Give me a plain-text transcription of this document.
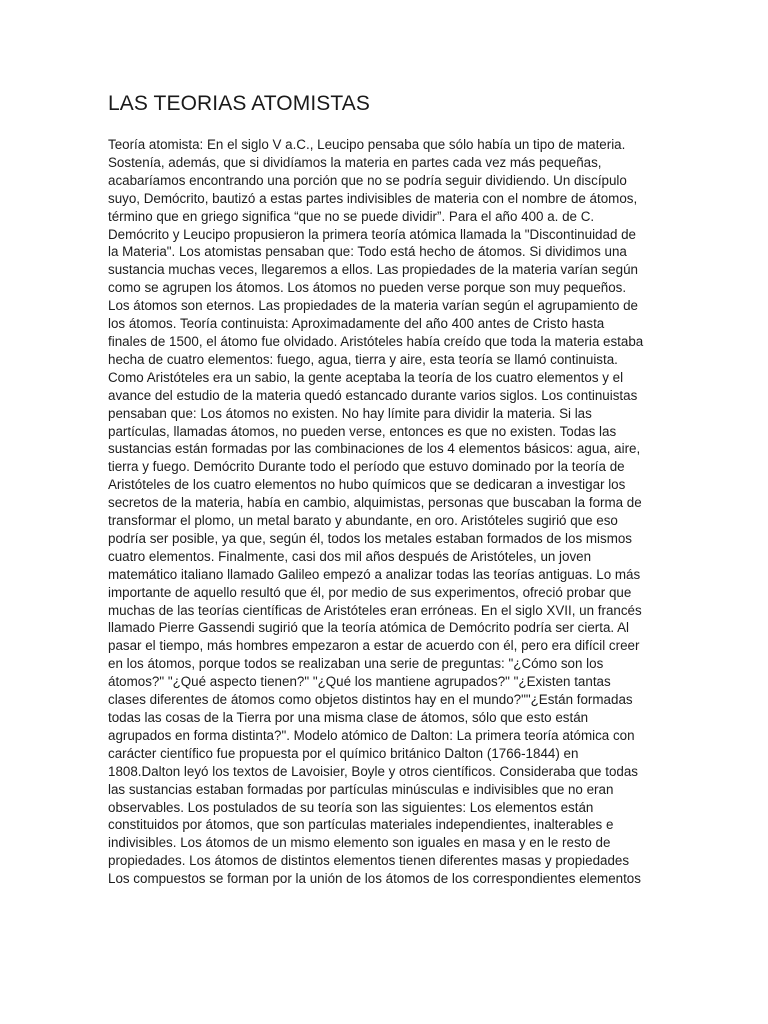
LAS TEORIAS ATOMISTAS
Teoría atomista: En el siglo V a.C., Leucipo pensaba que sólo había un tipo de materia.
Sostenía, además, que si dividíamos la materia en partes cada vez más pequeñas,
acabaríamos encontrando una porción que no se podría seguir dividiendo. Un discípulo
suyo, Demócrito, bautizó a estas partes indivisibles de materia con el nombre de átomos,
término que en griego significa “que no se puede dividir”. Para el año 400 a. de C.
Demócrito y Leucipo propusieron la primera teoría atómica llamada la "Discontinuidad de
la Materia". Los atomistas pensaban que: Todo está hecho de átomos. Si dividimos una
sustancia muchas veces, llegaremos a ellos. Las propiedades de la materia varían según
como se agrupen los átomos. Los átomos no pueden verse porque son muy pequeños.
Los átomos son eternos. Las propiedades de la materia varían según el agrupamiento de
los átomos. Teoría continuista: Aproximadamente del año 400 antes de Cristo hasta
finales de 1500, el átomo fue olvidado. Aristóteles había creído que toda la materia estaba
hecha de cuatro elementos: fuego, agua, tierra y aire, esta teoría se llamó continuista.
Como Aristóteles era un sabio, la gente aceptaba la teoría de los cuatro elementos y el
avance del estudio de la materia quedó estancado durante varios siglos. Los continuistas
pensaban que: Los átomos no existen. No hay límite para dividir la materia. Si las
partículas, llamadas átomos, no pueden verse, entonces es que no existen. Todas las
sustancias están formadas por las combinaciones de los 4 elementos básicos: agua, aire,
tierra y fuego. Demócrito Durante todo el período que estuvo dominado por la teoría de
Aristóteles de los cuatro elementos no hubo químicos que se dedicaran a investigar los
secretos de la materia, había en cambio, alquimistas, personas que buscaban la forma de
transformar el plomo, un metal barato y abundante, en oro. Aristóteles sugirió que eso
podría ser posible, ya que, según él, todos los metales estaban formados de los mismos
cuatro elementos. Finalmente, casi dos mil años después de Aristóteles, un joven
matemático italiano llamado Galileo empezó a analizar todas las teorías antiguas. Lo más
importante de aquello resultó que él, por medio de sus experimentos, ofreció probar que
muchas de las teorías científicas de Aristóteles eran erróneas. En el siglo XVII, un francés
llamado Pierre Gassendi sugirió que la teoría atómica de Demócrito podría ser cierta. Al
pasar el tiempo, más hombres empezaron a estar de acuerdo con él, pero era difícil creer
en los átomos, porque todos se realizaban una serie de preguntas: "¿Cómo son los
átomos?" "¿Qué aspecto tienen?" "¿Qué los mantiene agrupados?" "¿Existen tantas
clases diferentes de átomos como objetos distintos hay en el mundo?""¿Están formadas
todas las cosas de la Tierra por una misma clase de átomos, sólo que esto están
agrupados en forma distinta?". Modelo atómico de Dalton: La primera teoría atómica con
carácter científico fue propuesta por el químico británico Dalton (1766-1844) en
1808.Dalton leyó los textos de Lavoisier, Boyle y otros científicos. Consideraba que todas
las sustancias estaban formadas por partículas minúsculas e indivisibles que no eran
observables. Los postulados de su teoría son las siguientes: Los elementos están
constituidos por átomos, que son partículas materiales independientes, inalterables e
indivisibles. Los átomos de un mismo elemento son iguales en masa y en le resto de
propiedades. Los átomos de distintos elementos tienen diferentes masas y propiedades
Los compuestos se forman por la unión de los átomos de los correspondientes elementos
